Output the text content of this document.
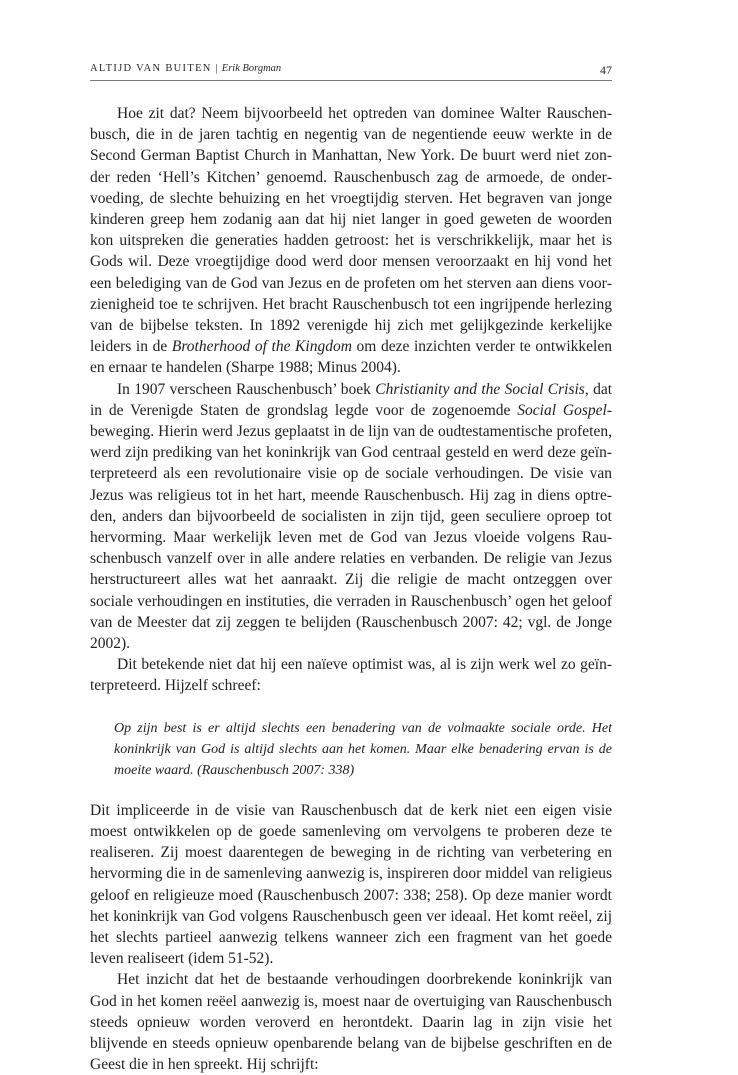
ALTIJD VAN BUITEN | Erik Borgman	47

Hoe zit dat? Neem bijvoorbeeld het optreden van dominee Walter Rauschenbusch, die in de jaren tachtig en negentig van de negentiende eeuw werkte in de Second German Baptist Church in Manhattan, New York. De buurt werd niet zonder reden ‘Hell’s Kitchen’ genoemd. Rauschenbusch zag de armoede, de ondervoeding, de slechte behuizing en het vroegtijdig sterven. Het begraven van jonge kinderen greep hem zodanig aan dat hij niet langer in goed geweten de woorden kon uitspreken die generaties hadden getroost: het is verschrikkelijk, maar het is Gods wil. Deze vroegtijdige dood werd door mensen veroorzaakt en hij vond het een belediging van de God van Jezus en de profeten om het sterven aan diens voorzienigheid toe te schrijven. Het bracht Rauschenbusch tot een ingrijpende herlezing van de bijbelse teksten. In 1892 verenigde hij zich met gelijkgezinde kerkelijke leiders in de Brotherhood of the Kingdom om deze inzichten verder te ontwikkelen en ernaar te handelen (Sharpe 1988; Minus 2004).

In 1907 verscheen Rauschenbusch’ boek Christianity and the Social Crisis, dat in de Verenigde Staten de grondslag legde voor de zogenoemde Social Gospel-beweging. Hierin werd Jezus geplaatst in de lijn van de oudtestamentische profeten, werd zijn prediking van het koninkrijk van God centraal gesteld en werd deze geïnterpreteerd als een revolutionaire visie op de sociale verhoudingen. De visie van Jezus was religieus tot in het hart, meende Rauschenbusch. Hij zag in diens optreden, anders dan bijvoorbeeld de socialisten in zijn tijd, geen seculiere oproep tot hervorming. Maar werkelijk leven met de God van Jezus vloeide volgens Rauschenbusch vanzelf over in alle andere relaties en verbanden. De religie van Jezus herstructureert alles wat het aanraakt. Zij die religie de macht ontzeggen over sociale verhoudingen en instituties, die verraden in Rauschenbusch’ ogen het geloof van de Meester dat zij zeggen te belijden (Rauschenbusch 2007: 42; vgl. de Jonge 2002).

Dit betekende niet dat hij een naïeve optimist was, al is zijn werk wel zo geïnterpreteerd. Hijzelf schreef:

Op zijn best is er altijd slechts een benadering van de volmaakte sociale orde. Het koninkrijk van God is altijd slechts aan het komen. Maar elke benadering ervan is de moeite waard. (Rauschenbusch 2007: 338)

Dit impliceerde in de visie van Rauschenbusch dat de kerk niet een eigen visie moest ontwikkelen op de goede samenleving om vervolgens te proberen deze te realiseren. Zij moest daarentegen de beweging in de richting van verbetering en hervorming die in de samenleving aanwezig is, inspireren door middel van religieus geloof en religieuze moed (Rauschenbusch 2007: 338; 258). Op deze manier wordt het koninkrijk van God volgens Rauschenbusch geen ver ideaal. Het komt reëel, zij het slechts partieel aanwezig telkens wanneer zich een fragment van het goede leven realiseert (idem 51-52).

Het inzicht dat het de bestaande verhoudingen doorbrekende koninkrijk van God in het komen reëel aanwezig is, moest naar de overtuiging van Rauschenbusch steeds opnieuw worden veroverd en herontdekt. Daarin lag in zijn visie het blijvende en steeds opnieuw openbarende belang van de bijbelse geschriften en de Geest die in hen spreekt. Hij schrijft:
